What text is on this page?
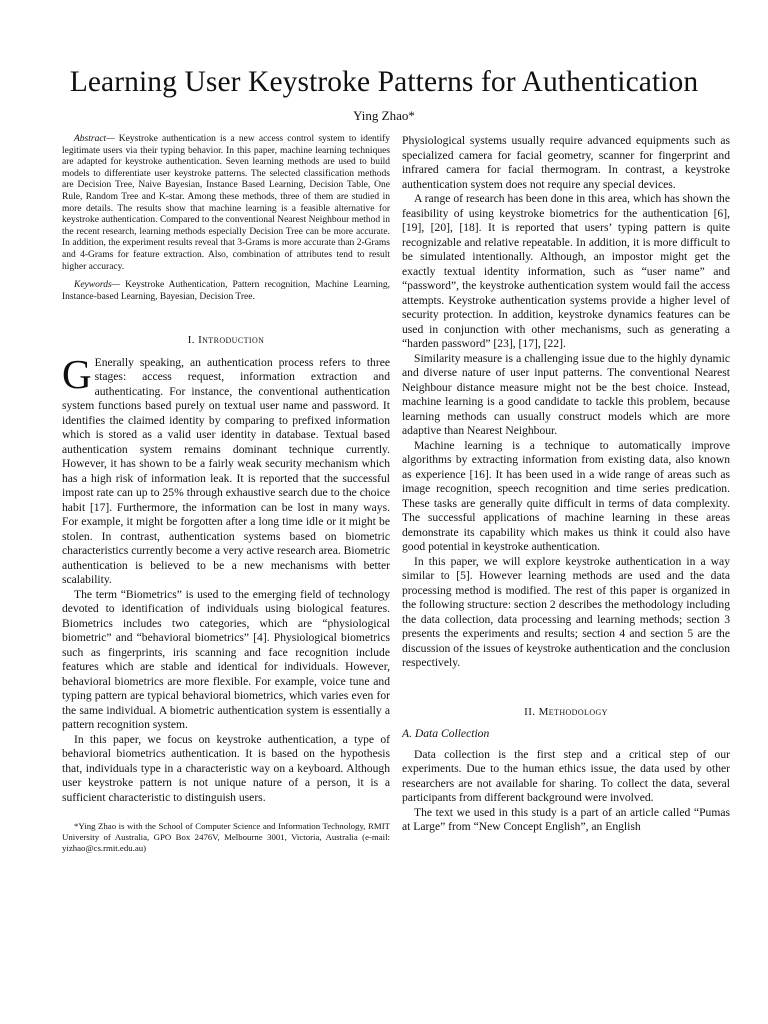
Learning User Keystroke Patterns for Authentication
Ying Zhao*

Abstract— Keystroke authentication is a new access control system to identify legitimate users via their typing behavior. In this paper, machine learning techniques are adapted for keystroke authentication. Seven learning methods are used to build models to differentiate user keystroke patterns. The selected classification methods are Decision Tree, Naive Bayesian, Instance Based Learning, Decision Table, One Rule, Random Tree and K-star. Among these methods, three of them are studied in more details. The results show that machine learning is a feasible alternative for keystroke authentication. Compared to the conventional Nearest Neighbour method in the recent research, learning methods especially Decision Tree can be more accurate. In addition, the experiment results reveal that 3-Grams is more accurate than 2-Grams and 4-Grams for feature extraction. Also, combination of attributes tend to result higher accuracy.

Keywords— Keystroke Authentication, Pattern recognition, Machine Learning, Instance-based Learning, Bayesian, Decision Tree.

I. Introduction

G Enerally speaking, an authentication process refers to three stages: access request, information extraction and authenticating. For instance, the conventional authentication system functions based purely on textual user name and password. It identifies the claimed identity by comparing to prefixed information which is stored as a valid user identity in database. Textual based authentication system remains dominant technique currently. However, it has shown to be a fairly weak security mechanism which has a high risk of information leak. It is reported that the successful impost rate can up to 25% through exhaustive search due to the choice habit [17]. Furthermore, the information can be lost in many ways. For example, it might be forgotten after a long time idle or it might be stolen. In contrast, authentication systems based on biometric characteristics currently become a very active research area. Biometric authentication is believed to be a new mechanisms with better scalability.

The term “Biometrics” is used to the emerging field of technology devoted to identification of individuals using biological features. Biometrics includes two categories, which are “physiological biometric” and “behavioral biometrics” [4]. Physiological biometrics such as fingerprints, iris scanning and face recognition include features which are stable and identical for individuals. However, behavioral biometrics are more flexible. For example, voice tune and typing pattern are typical behavioral biometrics, which varies even for the same individual. A biometric authentication system is essentially a pattern recognition system.

In this paper, we focus on keystroke authentication, a type of behavioral biometrics authentication. It is based on the hypothesis that, individuals type in a characteristic way on a keyboard. Although user keystroke pattern is not unique nature of a person, it is a sufficient characteristic to distinguish users.

*Ying Zhao is with the School of Computer Science and Information Technology, RMIT University of Australia, GPO Box 2476V, Melbourne 3001, Victoria, Australia (e-mail: yizhao@cs.rmit.edu.au)

Physiological systems usually require advanced equipments such as specialized camera for facial geometry, scanner for fingerprint and infrared camera for facial thermogram. In contrast, a keystroke authentication system does not require any special devices.

A range of research has been done in this area, which has shown the feasibility of using keystroke biometrics for the authentication [6], [19], [20], [18]. It is reported that users’ typing pattern is quite recognizable and relative repeatable. In addition, it is more difficult to be simulated intentionally. Although, an impostor might get the exactly textual identity information, such as “user name” and “password”, the keystroke authentication system would fail the access attempts. Keystroke authentication systems provide a higher level of security protection. In addition, keystroke dynamics features can be used in conjunction with other mechanisms, such as generating a “harden password” [23], [17], [22].

Similarity measure is a challenging issue due to the highly dynamic and diverse nature of user input patterns. The conventional Nearest Neighbour distance measure might not be the best choice. Instead, machine learning is a good candidate to tackle this problem, because learning methods can usually construct models which are more adaptive than Nearest Neighbour.

Machine learning is a technique to automatically improve algorithms by extracting information from existing data, also known as experience [16]. It has been used in a wide range of areas such as image recognition, speech recognition and time series predication. These tasks are generally quite difficult in terms of data complexity. The successful applications of machine learning in these areas demonstrate its capability which makes us think it could also have good potential in keystroke authentication.

In this paper, we will explore keystroke authentication in a way similar to [5]. However learning methods are used and the data processing method is modified. The rest of this paper is organized in the following structure: section 2 describes the methodology including the data collection, data processing and learning methods; section 3 presents the experiments and results; section 4 and section 5 are the discussion of the issues of keystroke authentication and the conclusion respectively.

II. Methodology

A. Data Collection

Data collection is the first step and a critical step of our experiments. Due to the human ethics issue, the data used by other researchers are not available for sharing. To collect the data, several participants from different background were involved.

The text we used in this study is a part of an article called “Pumas at Large” from “New Concept English”, an English
